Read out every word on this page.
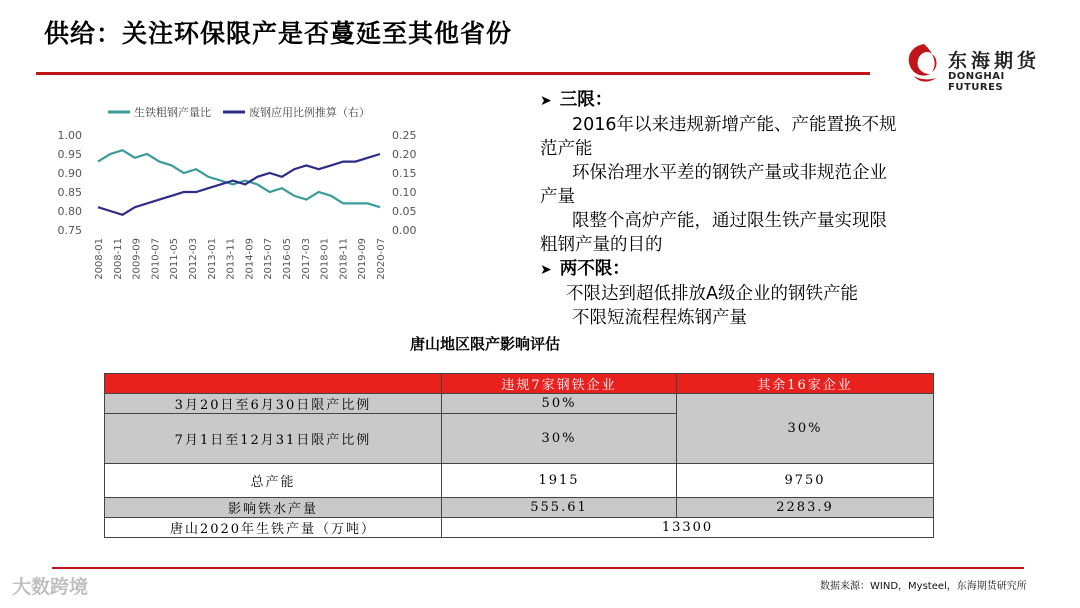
供给：关注环保限产是否蔓延至其他省份
东海期货
DONGHAI FUTURES
生铁粗钢产量比	废钢应用比例推算（右）
1.00
0.95
0.90
0.85
0.80
0.75
0.25
0.20
0.15
0.10
0.05
0.00
2008-01 2008-11 2009-09 2010-07 2011-05 2012-03 2013-01 2013-11 2014-09 2015-07 2016-05 2017-03 2018-01 2018-11 2019-09 2020-07
➤ 三限：
2016年以来违规新增产能、产能置换不规
范产能
环保治理水平差的钢铁产量或非规范企业
产量
限整个高炉产能，通过限生铁产量实现限
粗钢产量的目的
➤ 两不限：
不限达到超低排放A级企业的钢铁产能
不限短流程程炼钢产量
唐山地区限产影响评估
	违规7家钢铁企业	其余16家企业
3月20日至6月30日限产比例	50%	30%
7月1日至12月31日限产比例	30%	
总产能	1915	9750
影响铁水产量	555.61	2283.9
唐山2020年生铁产量（万吨）	13300	
数据来源：WIND，Mysteel，东海期货研究所
大数跨境
